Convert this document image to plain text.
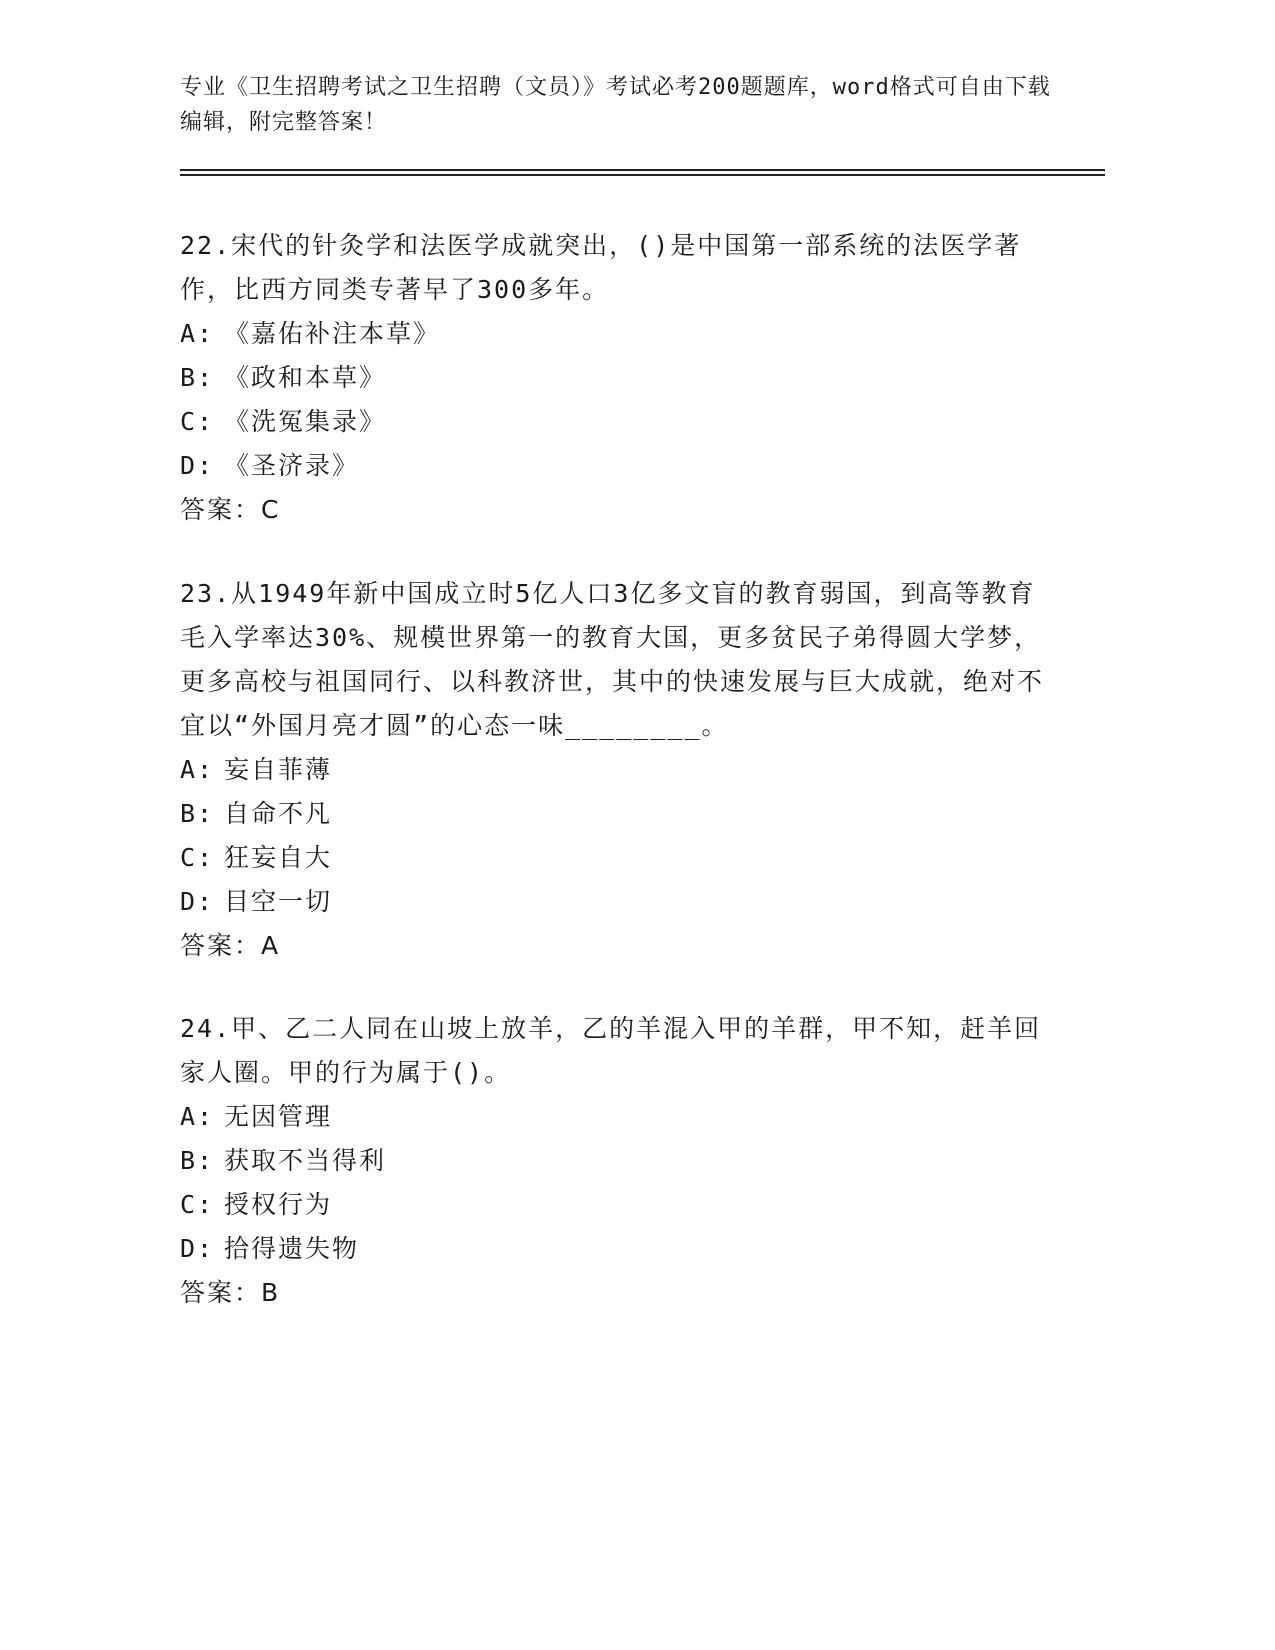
专业《卫生招聘考试之卫生招聘（文员）》考试必考200题题库，word格式可自由下载编辑，附完整答案！

22.宋代的针灸学和法医学成就突出，()是中国第一部系统的法医学著作，比西方同类专著早了300多年。

A: 《嘉佑补注本草》

B: 《政和本草》

C: 《洗冤集录》

D: 《圣济录》

答案：C

23.从1949年新中国成立时5亿人口3亿多文盲的教育弱国，到高等教育毛入学率达30%、规模世界第一的教育大国，更多贫民子弟得圆大学梦，更多高校与祖国同行、以科教济世，其中的快速发展与巨大成就，绝对不宜以“外国月亮才圆”的心态一味________。

A: 妄自菲薄

B: 自命不凡

C: 狂妄自大

D: 目空一切

答案：A

24.甲、乙二人同在山坡上放羊，乙的羊混入甲的羊群，甲不知，赶羊回家人圈。甲的行为属于()。

A: 无因管理

B: 获取不当得利

C: 授权行为

D: 拾得遗失物

答案：B
